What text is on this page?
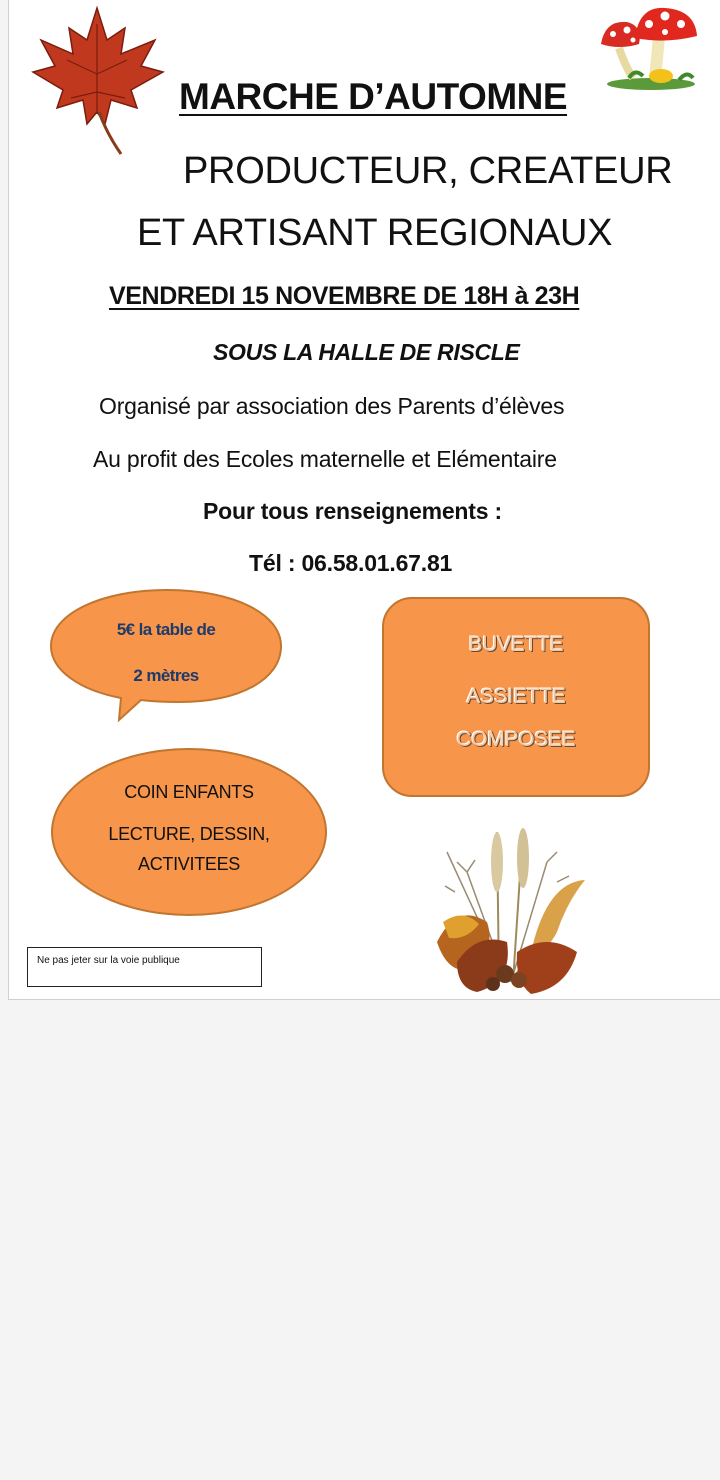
MARCHE D’AUTOMNE
PRODUCTEUR, CREATEUR
ET ARTISANT REGIONAUX
VENDREDI 15 NOVEMBRE DE 18H à 23H
SOUS LA HALLE DE RISCLE
Organisé par association des Parents d’élèves
Au profit des Ecoles maternelle et Elémentaire
Pour tous renseignements :
Tél : 06.58.01.67.81
5€ la table de
2 mètres
BUVETTE
ASSIETTE
COMPOSEE
COIN ENFANTS
LECTURE, DESSIN,
ACTIVITEES
Ne pas jeter sur la voie publique
